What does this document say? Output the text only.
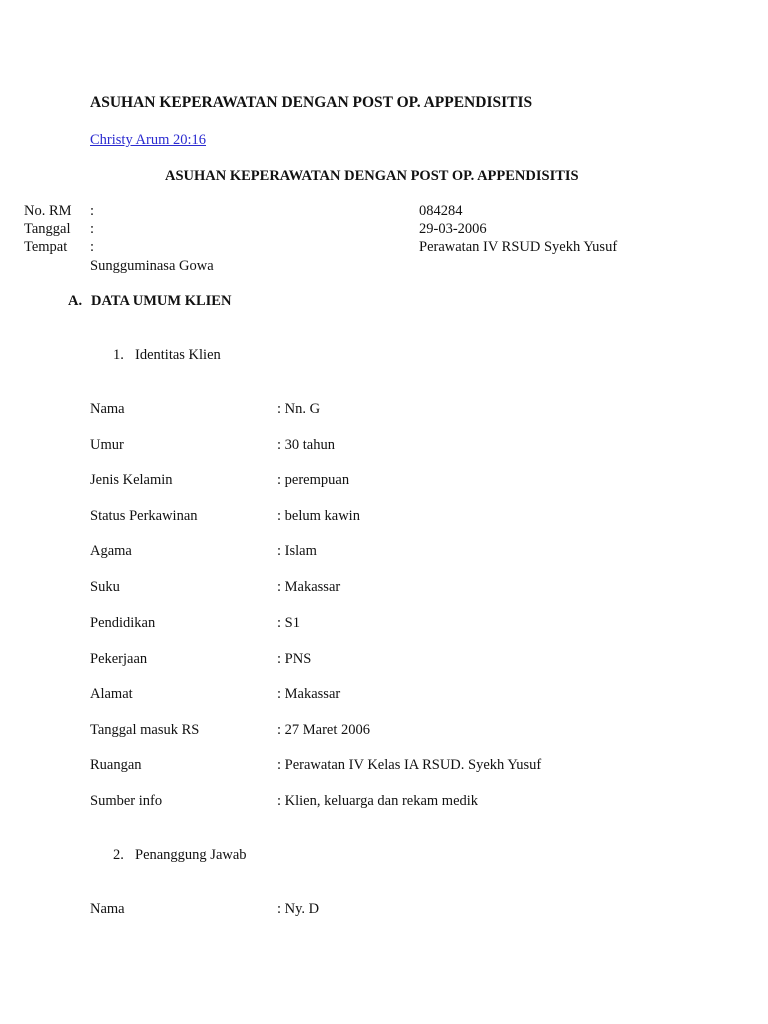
ASUHAN KEPERAWATAN DENGAN POST OP. APPENDISITIS
Christy Arum 20:16
ASUHAN KEPERAWATAN DENGAN POST OP. APPENDISITIS
No. RM :	084284
Tanggal :	29-03-2006
Tempat :	Perawatan IV RSUD Syekh Yusuf
Sungguminasa Gowa
A. DATA UMUM KLIEN
1. Identitas Klien
Nama	: Nn. G
Umur	: 30 tahun
Jenis Kelamin	: perempuan
Status Perkawinan	: belum kawin
Agama	: Islam
Suku	: Makassar
Pendidikan	: S1
Pekerjaan	: PNS
Alamat	: Makassar
Tanggal masuk RS	: 27 Maret 2006
Ruangan	: Perawatan IV Kelas IA RSUD. Syekh Yusuf
Sumber info	: Klien, keluarga dan rekam medik
2. Penanggung Jawab
Nama	: Ny. D
